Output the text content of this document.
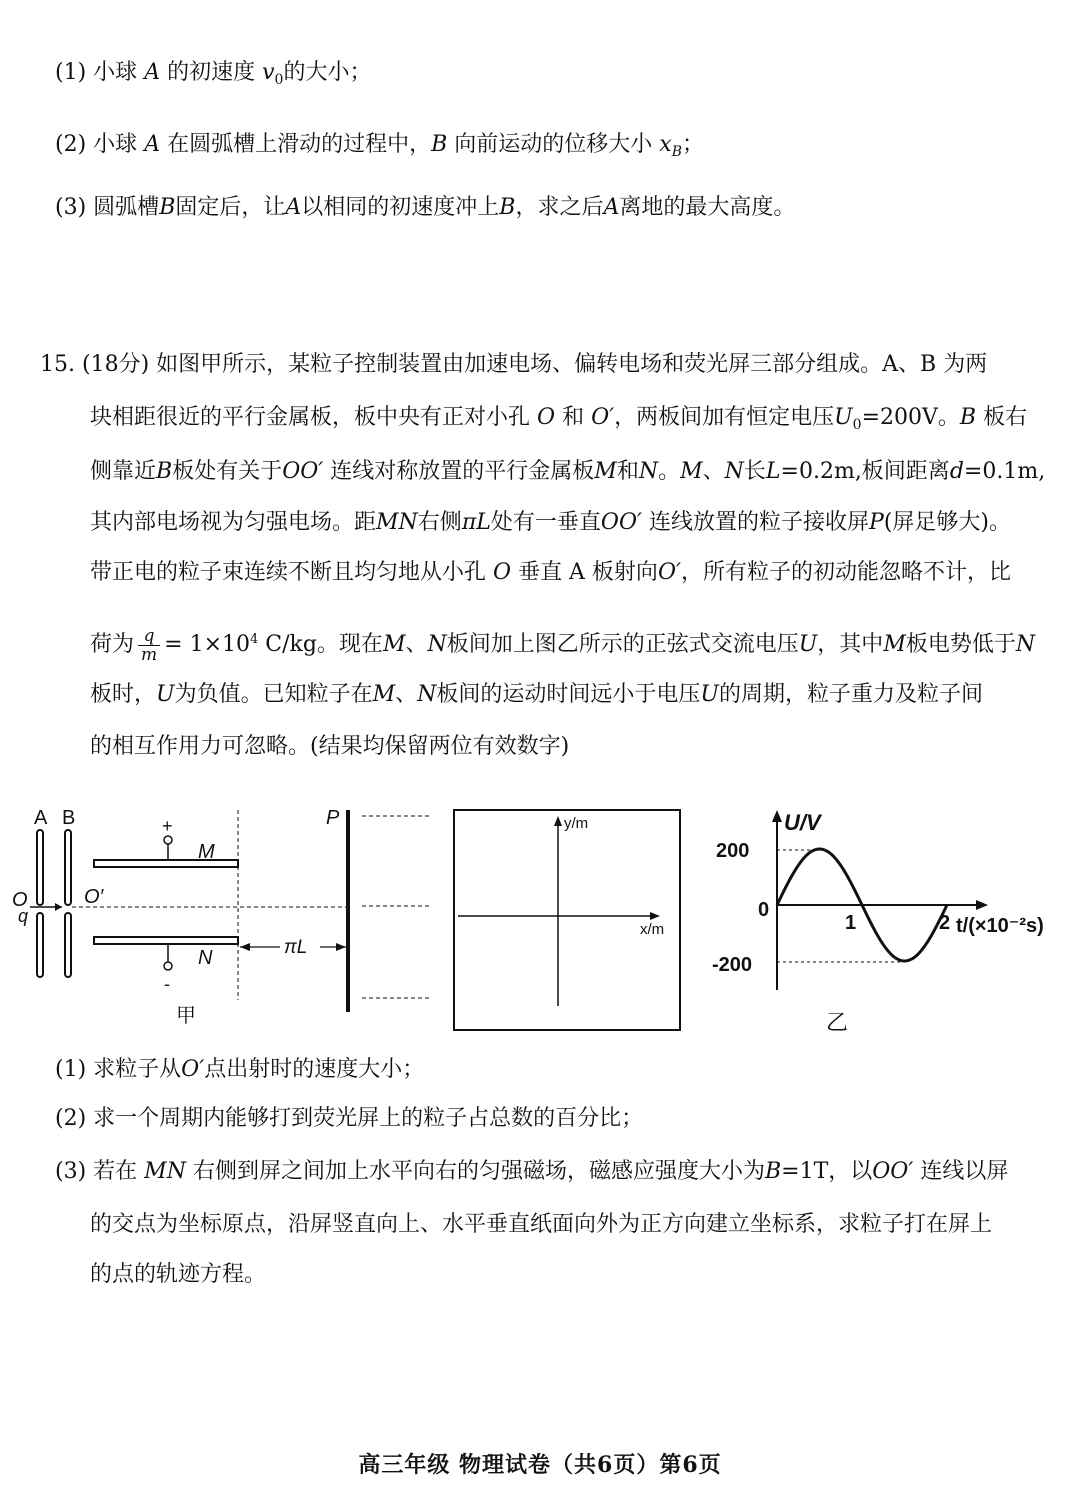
(1) 小球 A 的初速度 $v_0$的大小；
(2) 小球 A 在圆弧槽上滑动的过程中，B 向前运动的位移大小 $x_B$；
(3) 圆弧槽B固定后，让A以相同的初速度冲上B，求之后A离地的最大高度。
15. (18分) 如图甲所示，某粒子控制装置由加速电场、偏转电场和荧光屏三部分组成。A、B 为两
块相距很近的平行金属板，板中央有正对小孔 O 和 O′，两板间加有恒定电压$U_0=200V$。B 板右
侧靠近B板处有关于OO′ 连线对称放置的平行金属板M和N。M、N长L=0.2m,板间距离d=0.1m,
其内部电场视为匀强电场。距MN右侧πL处有一垂直OO′ 连线放置的粒子接收屏P(屏足够大)。
带正电的粒子束连续不断且均匀地从小孔 O 垂直 A 板射向O′，所有粒子的初动能忽略不计，比
荷为 $\frac{q}{m} = 1\times 10^4$ C/kg。现在M、N板间加上图乙所示的正弦式交流电压U，其中M板电势低于N
板时，U为负值。已知粒子在M、N板间的运动时间远小于电压U的周期，粒子重力及粒子间
的相互作用力可忽略。(结果均保留两位有效数字)
A B
O
q
O′
+
M
-
N	πL
P
甲
y/m
x/m
U/V
t/(×10⁻²s)
0
200
-200
1	2
乙
(1) 求粒子从O′点出射时的速度大小；
(2) 求一个周期内能够打到荧光屏上的粒子占总数的百分比；
(3) 若在 MN 右侧到屏之间加上水平向右的匀强磁场，磁感应强度大小为B=1T，以OO′ 连线以屏
的交点为坐标原点，沿屏竖直向上、水平垂直纸面向外为正方向建立坐标系，求粒子打在屏上
的点的轨迹方程。
高三年级 物理试卷（共6页）第6页
